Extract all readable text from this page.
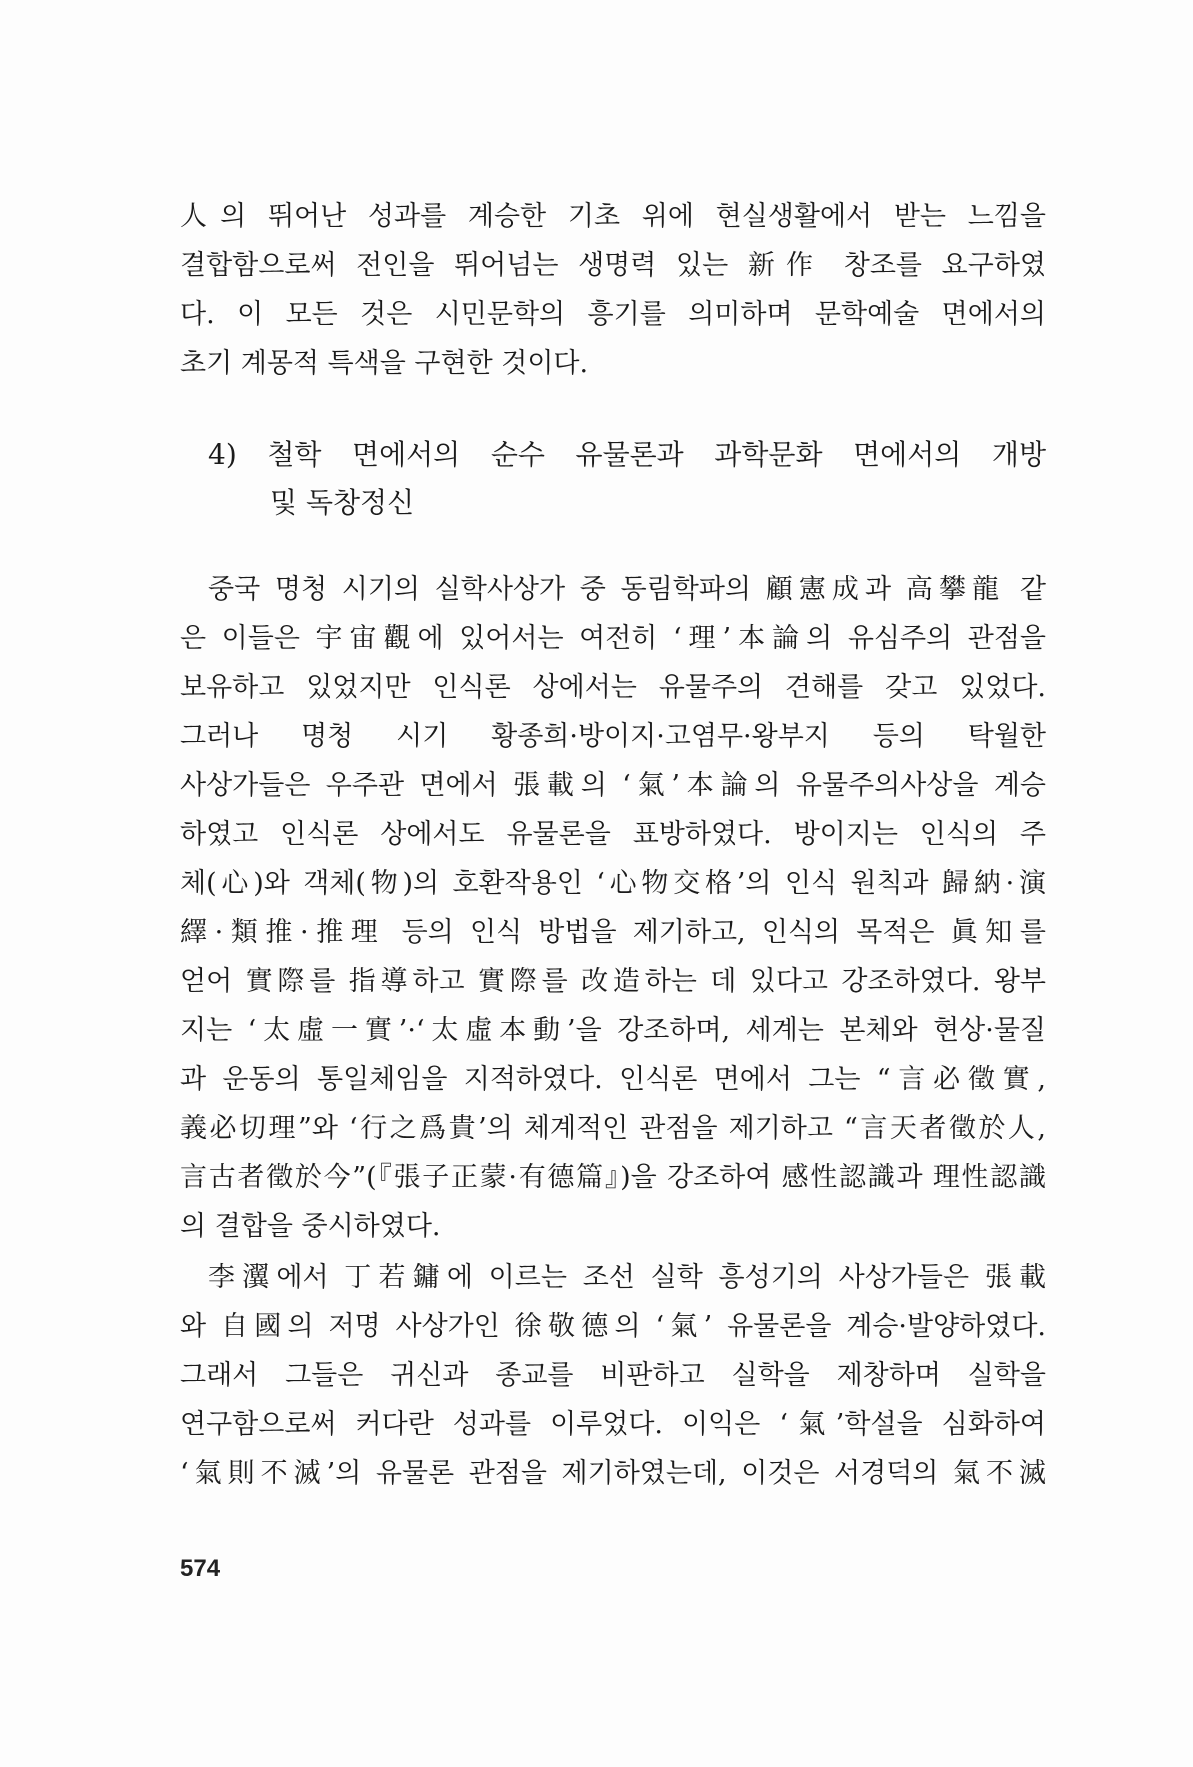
人의 뛰어난 성과를 계승한 기초 위에 현실생활에서 받는 느낌을
결합함으로써 전인을 뛰어넘는 생명력 있는 新作 창조를 요구하였
다. 이 모든 것은 시민문학의 흥기를 의미하며 문학예술 면에서의
초기 계몽적 특색을 구현한 것이다.
4) 철학 면에서의 순수 유물론과 과학문화 면에서의 개방
및 독창정신
중국 명청 시기의 실학사상가 중 동림학파의 顧憲成과 高攀龍 같
은 이들은 宇宙觀에 있어서는 여전히 ‘理’本論의 유심주의 관점을
보유하고 있었지만 인식론 상에서는 유물주의 견해를 갖고 있었다.
그러나 명청 시기 황종희·방이지·고염무·왕부지 등의 탁월한
사상가들은 우주관 면에서 張載의 ‘氣’本論의 유물주의사상을 계승
하였고 인식론 상에서도 유물론을 표방하였다. 방이지는 인식의 주
체(心)와 객체(物)의 호환작용인 ‘心物交格’의 인식 원칙과 歸納·演
繹·類推·推理 등의 인식 방법을 제기하고, 인식의 목적은 眞知를
얻어 實際를 指導하고 實際를 改造하는 데 있다고 강조하였다. 왕부
지는 ‘太虛一實’·‘太虛本動’을 강조하며, 세계는 본체와 현상·물질
과 운동의 통일체임을 지적하였다. 인식론 면에서 그는 “言必徵實,
義必切理”와 ‘行之爲貴’의 체계적인 관점을 제기하고 “言天者徵於人,
言古者徵於今”(『張子正蒙·有德篇』)을 강조하여 感性認識과 理性認識
의 결합을 중시하였다.
李瀷에서 丁若鏞에 이르는 조선 실학 흥성기의 사상가들은 張載
와 自國의 저명 사상가인 徐敬德의 ‘氣’ 유물론을 계승·발양하였다.
그래서 그들은 귀신과 종교를 비판하고 실학을 제창하며 실학을
연구함으로써 커다란 성과를 이루었다. 이익은 ‘氣’학설을 심화하여
‘氣則不滅’의 유물론 관점을 제기하였는데, 이것은 서경덕의 氣不滅
574
